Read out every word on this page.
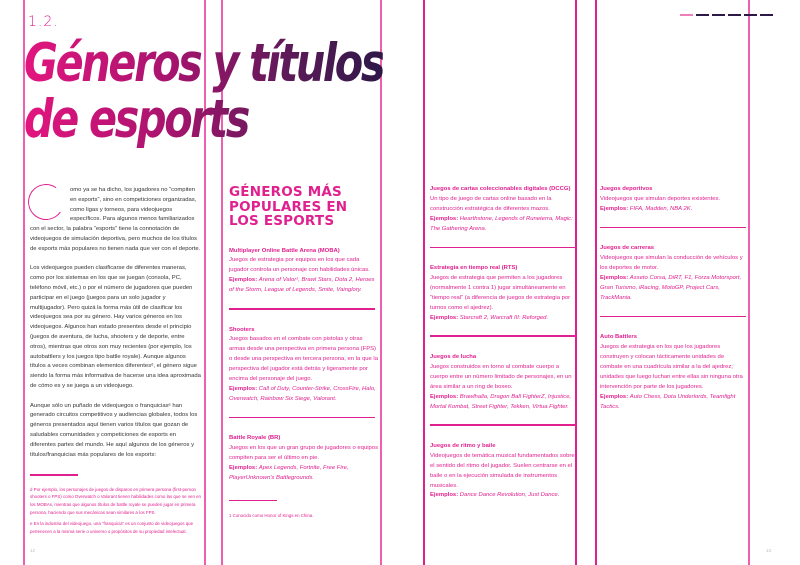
1.2.
Géneros y títulos
de esports

omo ya se ha dicho, los jugadores no “compiten en esports”, sino en competiciones organizadas, como ligas y torneos, para videojuegos específicos. Para algunos menos familiarizados con el sector, la palabra “esports” tiene la connotación de videojuegos de simulación deportiva, pero muchos de los títulos de esports más populares no tienen nada que ver con el deporte.

Los videojuegos pueden clasificarse de diferentes maneras, como por los sistemas en los que se juegan (consola, PC, teléfono móvil, etc.) o por el número de jugadores que pueden participar en el juego (juegos para un solo jugador y multijugador). Pero quizá la forma más útil de clasificar los videojuegos sea por su género. Hay varios géneros en los videojuegos. Algunos han estado presentes desde el principio (juegos de aventura, de lucha, shooters y de deporte, entre otros), mientras que otros son muy recientes (por ejemplo, los autobattlers y los juegos tipo battle royale). Aunque algunos títulos a veces combinan elementos diferentesᵈ, el género sigue siendo la forma más informativa de hacerse una idea aproximada de cómo es y se juega a un videojuego.

Aunque sólo un puñado de videojuegos o franquiciasᵉ han generado circuitos competitivos y audiencias globales, todos los géneros presentados aquí tienen varios títulos que gozan de saludables comunidades y competiciones de esports en diferentes partes del mundo. He aquí algunos de los géneros y títulos/franquicias más populares de los esports:

d Por ejemplo, los personajes de juegos de disparos en primera persona (first-person shooters o FPS) como Overwatch o Valorant tienen habilidades como las que se ven en los MOBAs, mientras que algunos títulos de battle royale se pueden jugar en primera persona, haciendo que sus mecánicas sean similares a los FPS.
e En la industria del videojuego, una “franquicia” es un conjunto de videojuegos que pertenecen a la misma serie o universo o propósitos de su propiedad intelectual.
12
GÉNEROS MÁS POPULARES EN LOS ESPORTS
Multiplayer Online Battle Arena (MOBA)
Juegos de estrategia por equipos en los que cada jugador controla un personaje con habilidades únicas.
Ejemplos: Arena of Valor¹, Brawl Stars, Dota 2, Heroes of the Storm, League of Legends, Smite, Vainglory.
Shooters
Juegos basados en el combate con pistolas y otras armas desde una perspectiva en primera persona (FPS) o desde una perspectiva en tercera persona, en la que la perspectiva del jugador está detrás y ligeramente por encima del personaje del juego.
Ejemplos: Call of Duty, Counter-Strike, CrossFire, Halo, Overwatch, Rainbow Six Siege, Valorant.
Battle Royale (BR)
Juegos en los que un gran grupo de jugadores o equipos compiten para ser el último en pie.
Ejemplos: Apex Legends, Fortnite, Free Fire, PlayerUnknown's Battlegrounds.
1 Conocido como Honor of Kings en China.
Juegos de cartas coleccionables digitales (DCCG)
Un tipo de juego de cartas online basado en la construcción estratégica de diferentes mazos.
Ejemplos: Hearthstone, Legends of Runeterra, Magic: The Gathering Arena.
Estrategia en tiempo real (RTS)
Juegos de estrategia que permiten a los jugadores (normalmente 1 contra 1) jugar simultáneamente en “tiempo real” (a diferencia de juegos de estrategia por turnos como el ajedrez).
Ejemplos: Starcraft 2, Warcraft III: Reforged.
Juegos de lucha
Juegos construidos en torno al combate cuerpo a cuerpo entre un número limitado de personajes, en un área similar a un ring de boxeo.
Ejemplos: Brawlhalla, Dragon Ball FighterZ, Injustice, Mortal Kombat, Street Fighter, Tekken, Virtua Fighter.
Juegos de ritmo y baile
Videojuegos de temática musical fundamentados sobre el sentido del ritmo del jugador. Suelen centrarse en el baile o en la ejecución simulada de instrumentos musicales.
Ejemplos: Dance Dance Revolution, Just Dance.
Juegos deportivos
Videojuegos que simulan deportes existentes.
Ejemplos: FIFA, Madden, NBA 2K.
Juegos de carreras
Videojuegos que simulan la conducción de vehículos y los deportes de motor.
Ejemplos: Asseto Corsa, DiRT, F1, Forza Motorsport, Gran Turismo, iRacing, MotoGP, Project Cars, TrackMania.
Auto Battlers
Juegos de estrategia en los que los jugadores construyen y colocan tácticamente unidades de combate en una cuadrícula similar a la del ajedrez; unidades que luego luchan entre ellas sin ninguna otra intervención por parte de los jugadores.
Ejemplos: Auto Chess, Dota Underlords, Teamfight Tactics.
13
